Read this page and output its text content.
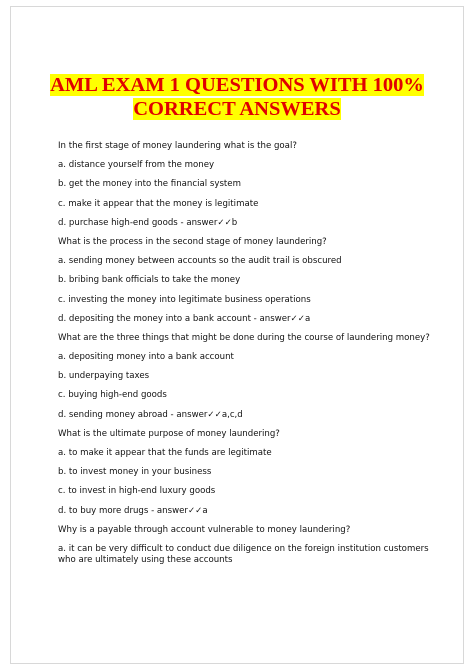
AML EXAM 1 QUESTIONS WITH 100%
CORRECT ANSWERS

In the first stage of money laundering what is the goal?

a. distance yourself from the money

b. get the money into the financial system

c. make it appear that the money is legitimate

d. purchase high-end goods - answer✓✓b

What is the process in the second stage of money laundering?

a. sending money between accounts so the audit trail is obscured

b. bribing bank officials to take the money

c. investing the money into legitimate business operations

d. depositing the money into a bank account - answer✓✓a

What are the three things that might be done during the course of laundering money?

a. depositing money into a bank account

b. underpaying taxes

c. buying high-end goods

d. sending money abroad - answer✓✓a,c,d

What is the ultimate purpose of money laundering?

a. to make it appear that the funds are legitimate

b. to invest money in your business

c. to invest in high-end luxury goods

d. to buy more drugs - answer✓✓a

Why is a payable through account vulnerable to money laundering?

a. it can be very difficult to conduct due diligence on the foreign institution customers who are ultimately using these accounts
